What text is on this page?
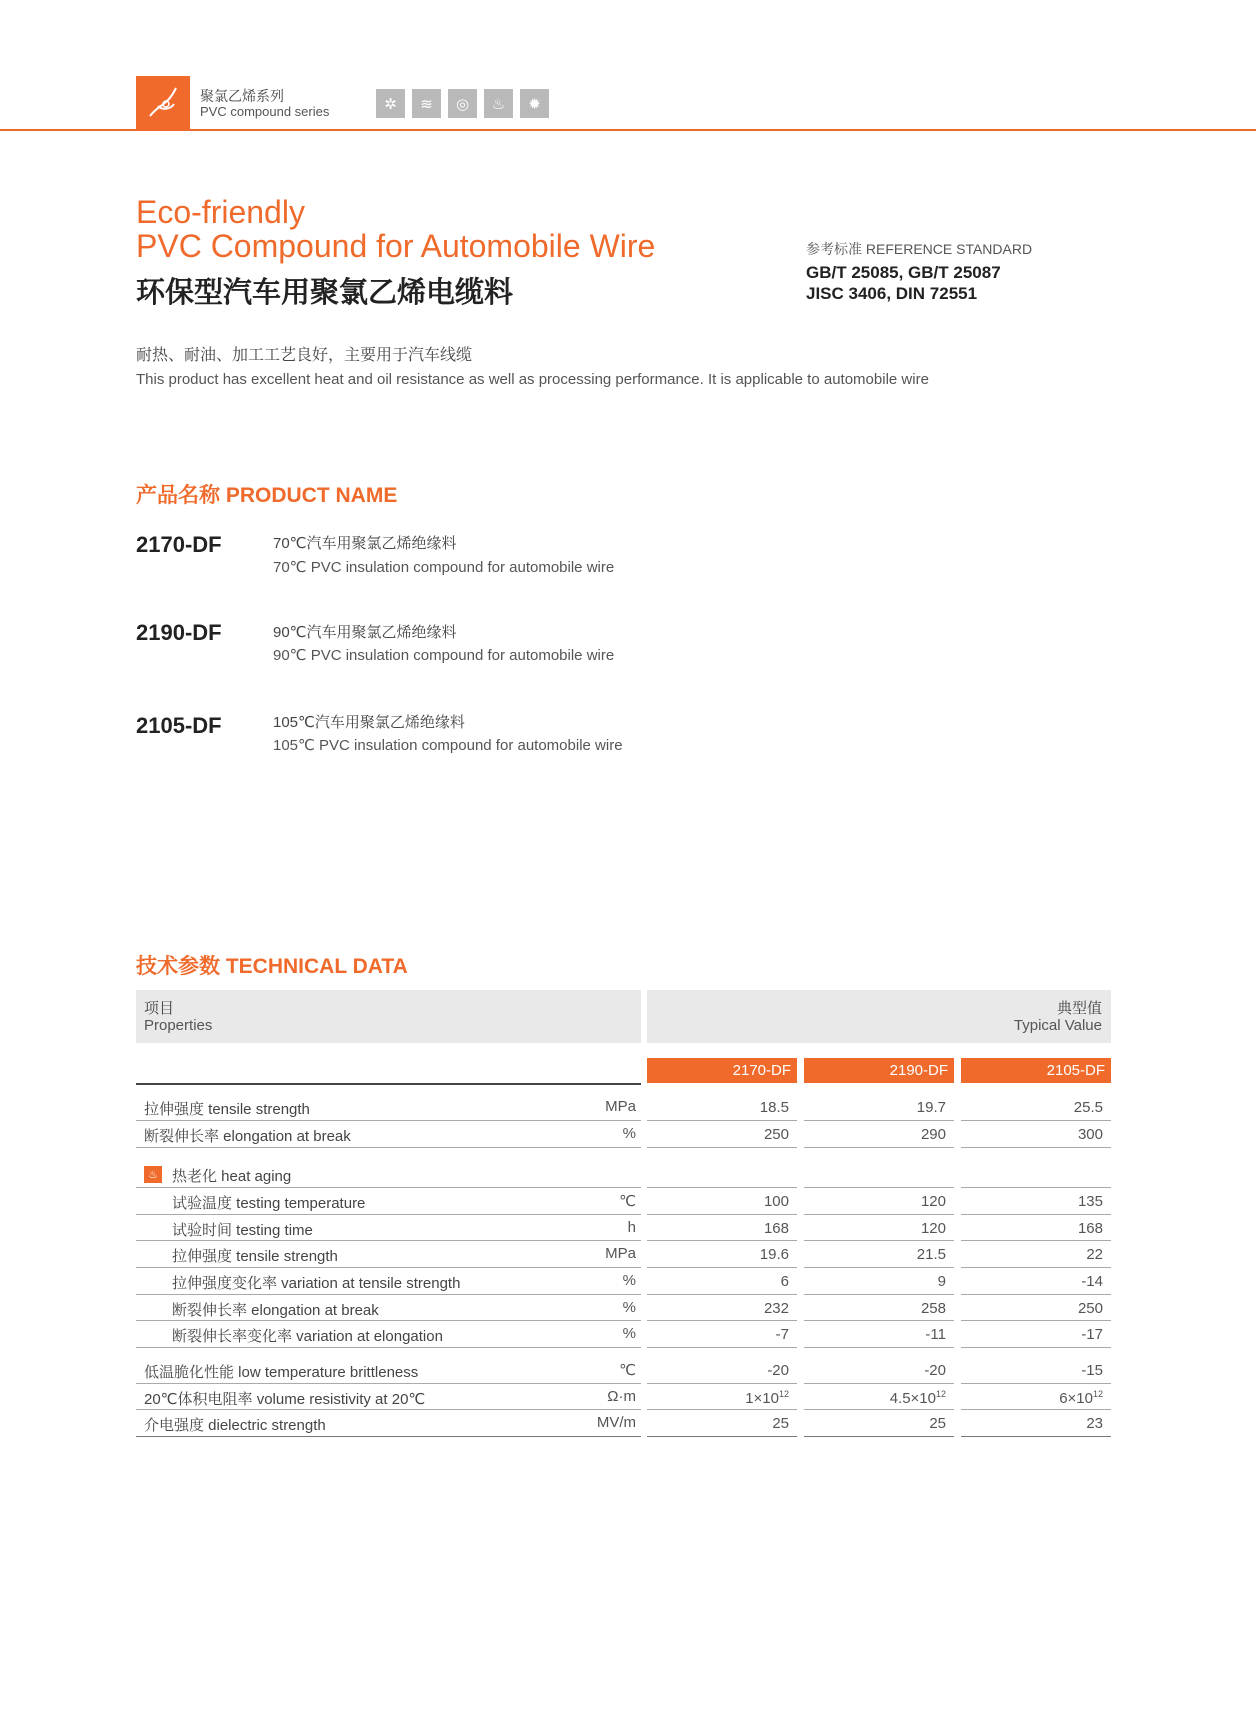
聚氯乙烯系列
PVC compound series	✲	≋	◎	♨	✹
Eco-friendly
PVC Compound for Automobile Wire
环保型汽车用聚氯乙烯电缆料
参考标准 REFERENCE STANDARD
GB/T 25085, GB/T 25087
JISC 3406, DIN 72551
耐热、耐油、加工工艺良好，主要用于汽车线缆
This product has excellent heat and oil resistance as well as processing performance. It is applicable to automobile wire
产品名称 PRODUCT NAME
2170-DF	70℃汽车用聚氯乙烯绝缘料
70℃ PVC insulation compound for automobile wire
2190-DF	90℃汽车用聚氯乙烯绝缘料
90℃ PVC insulation compound for automobile wire
2105-DF	105℃汽车用聚氯乙烯绝缘料
105℃ PVC insulation compound for automobile wire
技术参数 TECHNICAL DATA
项目
Properties
典型值
Typical Value
2170-DF	2190-DF	2105-DF
♨ 热老化 heat aging
拉伸强度 tensile strength	MPa	18.5	19.7	25.5
断裂伸长率 elongation at break	%	250	290	300
试验温度 testing temperature	℃	100	120	135
试验时间 testing time	h	168	120	168
拉伸强度 tensile strength	MPa	19.6	21.5	22
拉伸强度变化率 variation at tensile strength	%	6	9	-14
断裂伸长率 elongation at break	%	232	258	250
断裂伸长率变化率 variation at elongation	%	-7	-11	-17
低温脆化性能 low temperature brittleness	℃	-20	-20	-15
20℃体积电阻率 volume resistivity at 20℃	Ω·m	$1\times 10^{12}$	$4.5\times 10^{12}$	$6\times 10^{12}$
介电强度 dielectric strength	MV/m	25	25	23
